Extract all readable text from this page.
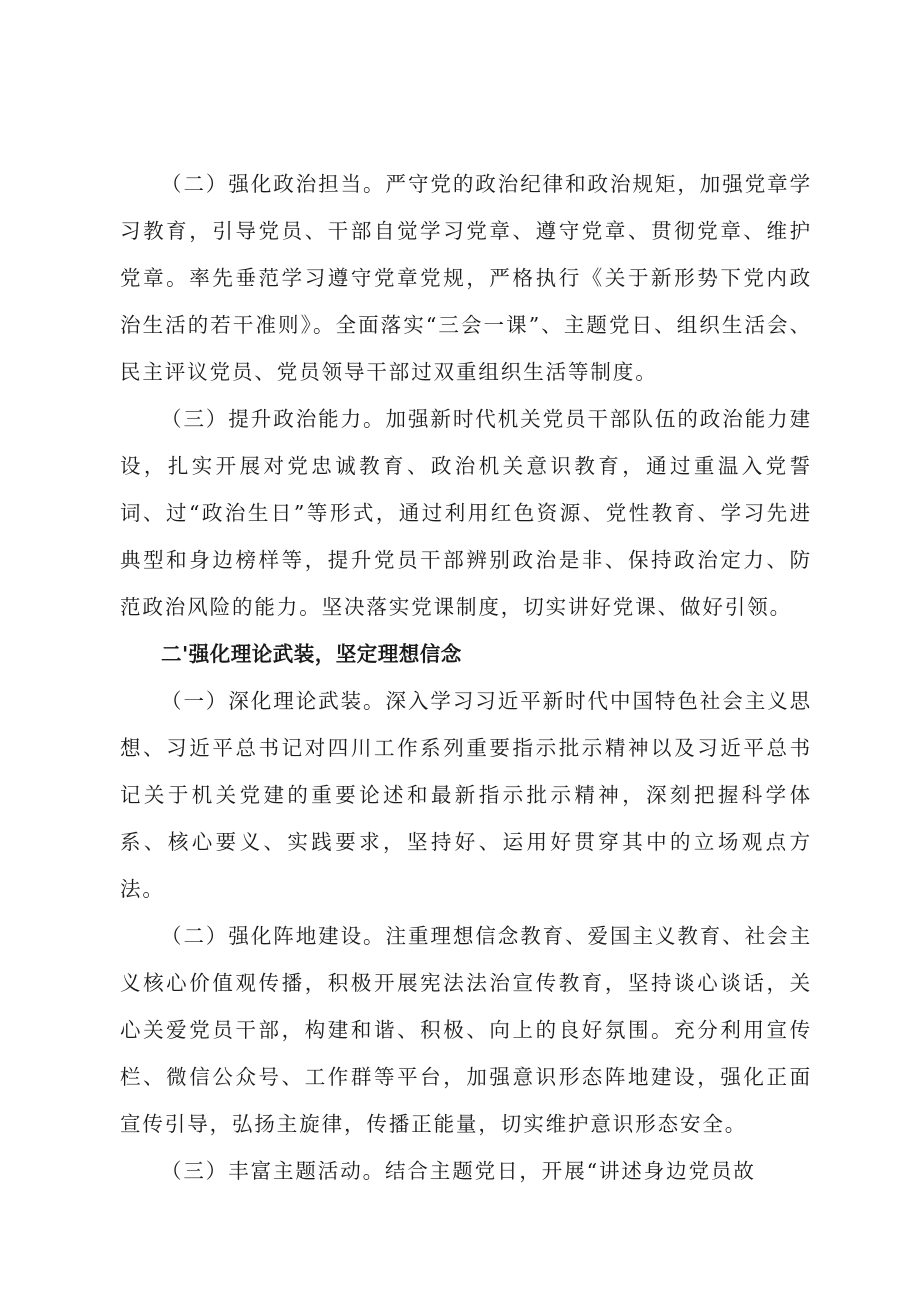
（二）强化政治担当。严守党的政治纪律和政治规矩，加强党章学习教育，引导党员、干部自觉学习党章、遵守党章、贯彻党章、维护党章。率先垂范学习遵守党章党规，严格执行《关于新形势下党内政治生活的若干准则》。全面落实“三会一课”、主题党日、组织生活会、民主评议党员、党员领导干部过双重组织生活等制度。

（三）提升政治能力。加强新时代机关党员干部队伍的政治能力建设，扎实开展对党忠诚教育、政治机关意识教育，通过重温入党誓词、过“政治生日”等形式，通过利用红色资源、党性教育、学习先进典型和身边榜样等，提升党员干部辨别政治是非、保持政治定力、防范政治风险的能力。坚决落实党课制度，切实讲好党课、做好引领。

二'强化理论武装，坚定理想信念

（一）深化理论武装。深入学习习近平新时代中国特色社会主义思想、习近平总书记对四川工作系列重要指示批示精神以及习近平总书记关于机关党建的重要论述和最新指示批示精神，深刻把握科学体系、核心要义、实践要求，坚持好、运用好贯穿其中的立场观点方法。

（二）强化阵地建设。注重理想信念教育、爱国主义教育、社会主义核心价值观传播，积极开展宪法法治宣传教育，坚持谈心谈话，关心关爱党员干部，构建和谐、积极、向上的良好氛围。充分利用宣传栏、微信公众号、工作群等平台，加强意识形态阵地建设，强化正面宣传引导，弘扬主旋律，传播正能量，切实维护意识形态安全。

（三）丰富主题活动。结合主题党日，开展“讲述身边党员故
